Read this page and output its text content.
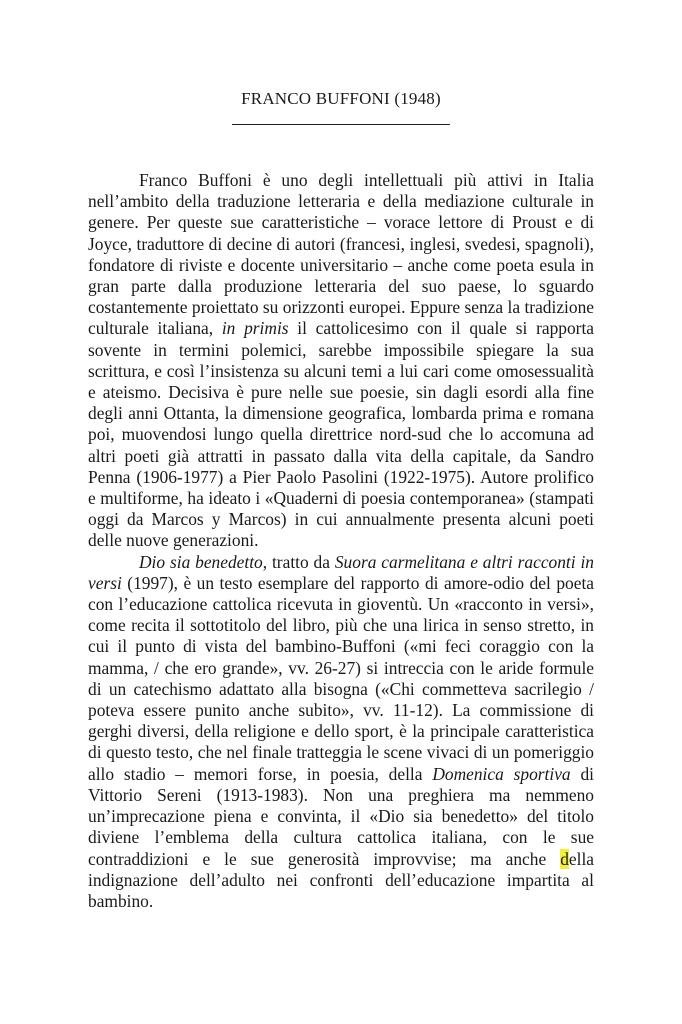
FRANCO BUFFONI (1948)

Franco Buffoni è uno degli intellettuali più attivi in Italia nell’ambito della traduzione letteraria e della mediazione culturale in genere. Per queste sue caratteristiche – vorace lettore di Proust e di Joyce, traduttore di decine di autori (francesi, inglesi, svedesi, spagnoli), fondatore di riviste e docente universitario – anche come poeta esula in gran parte dalla produzione letteraria del suo paese, lo sguardo costantemente proiettato su orizzonti europei. Eppure senza la tradizione culturale italiana, in primis il cattolicesimo con il quale si rapporta sovente in termini polemici, sarebbe impossibile spiegare la sua scrittura, e così l’insistenza su alcuni temi a lui cari come omosessualità e ateismo. Decisiva è pure nelle sue poesie, sin dagli esordi alla fine degli anni Ottanta, la dimensione geografica, lombarda prima e romana poi, muovendosi lungo quella direttrice nord-sud che lo accomuna ad altri poeti già attratti in passato dalla vita della capitale, da Sandro Penna (1906-1977) a Pier Paolo Pasolini (1922-1975). Autore prolifico e multiforme, ha ideato i «Quaderni di poesia contemporanea» (stampati oggi da Marcos y Marcos) in cui annualmente presenta alcuni poeti delle nuove generazioni.

Dio sia benedetto, tratto da Suora carmelitana e altri racconti in versi (1997), è un testo esemplare del rapporto di amore-odio del poeta con l’educazione cattolica ricevuta in gioventù. Un «racconto in versi», come recita il sottotitolo del libro, più che una lirica in senso stretto, in cui il punto di vista del bambino-Buffoni («mi feci coraggio con la mamma, / che ero grande», vv. 26-27) si intreccia con le aride formule di un catechismo adattato alla bisogna («Chi commetteva sacrilegio / poteva essere punito anche subito», vv. 11-12). La commissione di gerghi diversi, della religione e dello sport, è la principale caratteristica di questo testo, che nel finale tratteggia le scene vivaci di un pomeriggio allo stadio – memori forse, in poesia, della Domenica sportiva di Vittorio Sereni (1913-1983). Non una preghiera ma nemmeno un’imprecazione piena e convinta, il «Dio sia benedetto» del titolo diviene l’emblema della cultura cattolica italiana, con le sue contraddizioni e le sue generosità improvvise; ma anche della indignazione dell’adulto nei confronti dell’educazione impartita al bambino.
